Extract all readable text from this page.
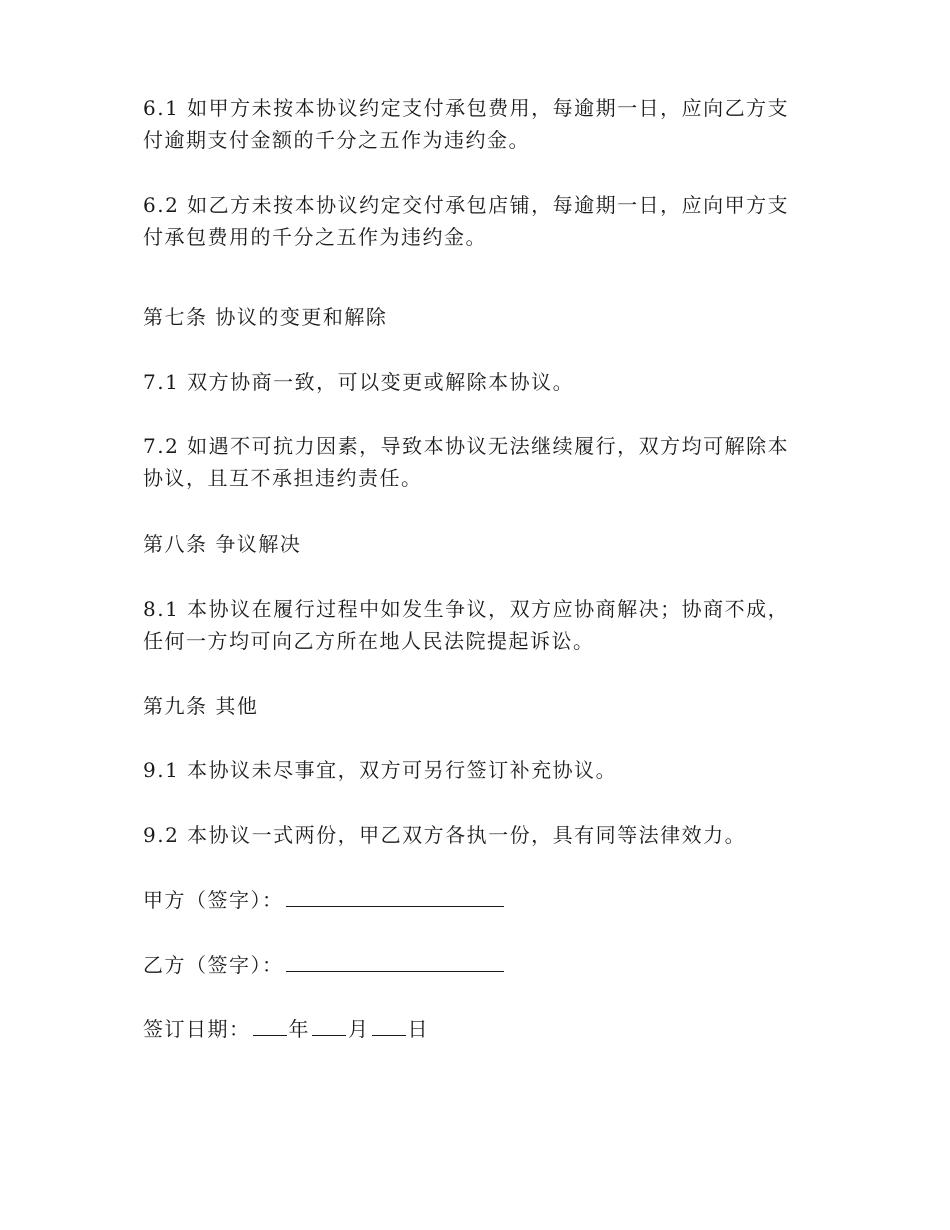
6.1 如甲方未按本协议约定支付承包费用，每逾期一日，应向乙方支付逾期支付金额的千分之五作为违约金。

6.2 如乙方未按本协议约定交付承包店铺，每逾期一日，应向甲方支付承包费用的千分之五作为违约金。

第七条 协议的变更和解除

7.1 双方协商一致，可以变更或解除本协议。

7.2 如遇不可抗力因素，导致本协议无法继续履行，双方均可解除本协议，且互不承担违约责任。

第八条 争议解决

8.1 本协议在履行过程中如发生争议，双方应协商解决；协商不成，任何一方均可向乙方所在地人民法院提起诉讼。

第九条 其他

9.1 本协议未尽事宜，双方可另行签订补充协议。

9.2 本协议一式两份，甲乙双方各执一份，具有同等法律效力。

甲方（签字）：
乙方（签字）：
签订日期： 年 月 日
